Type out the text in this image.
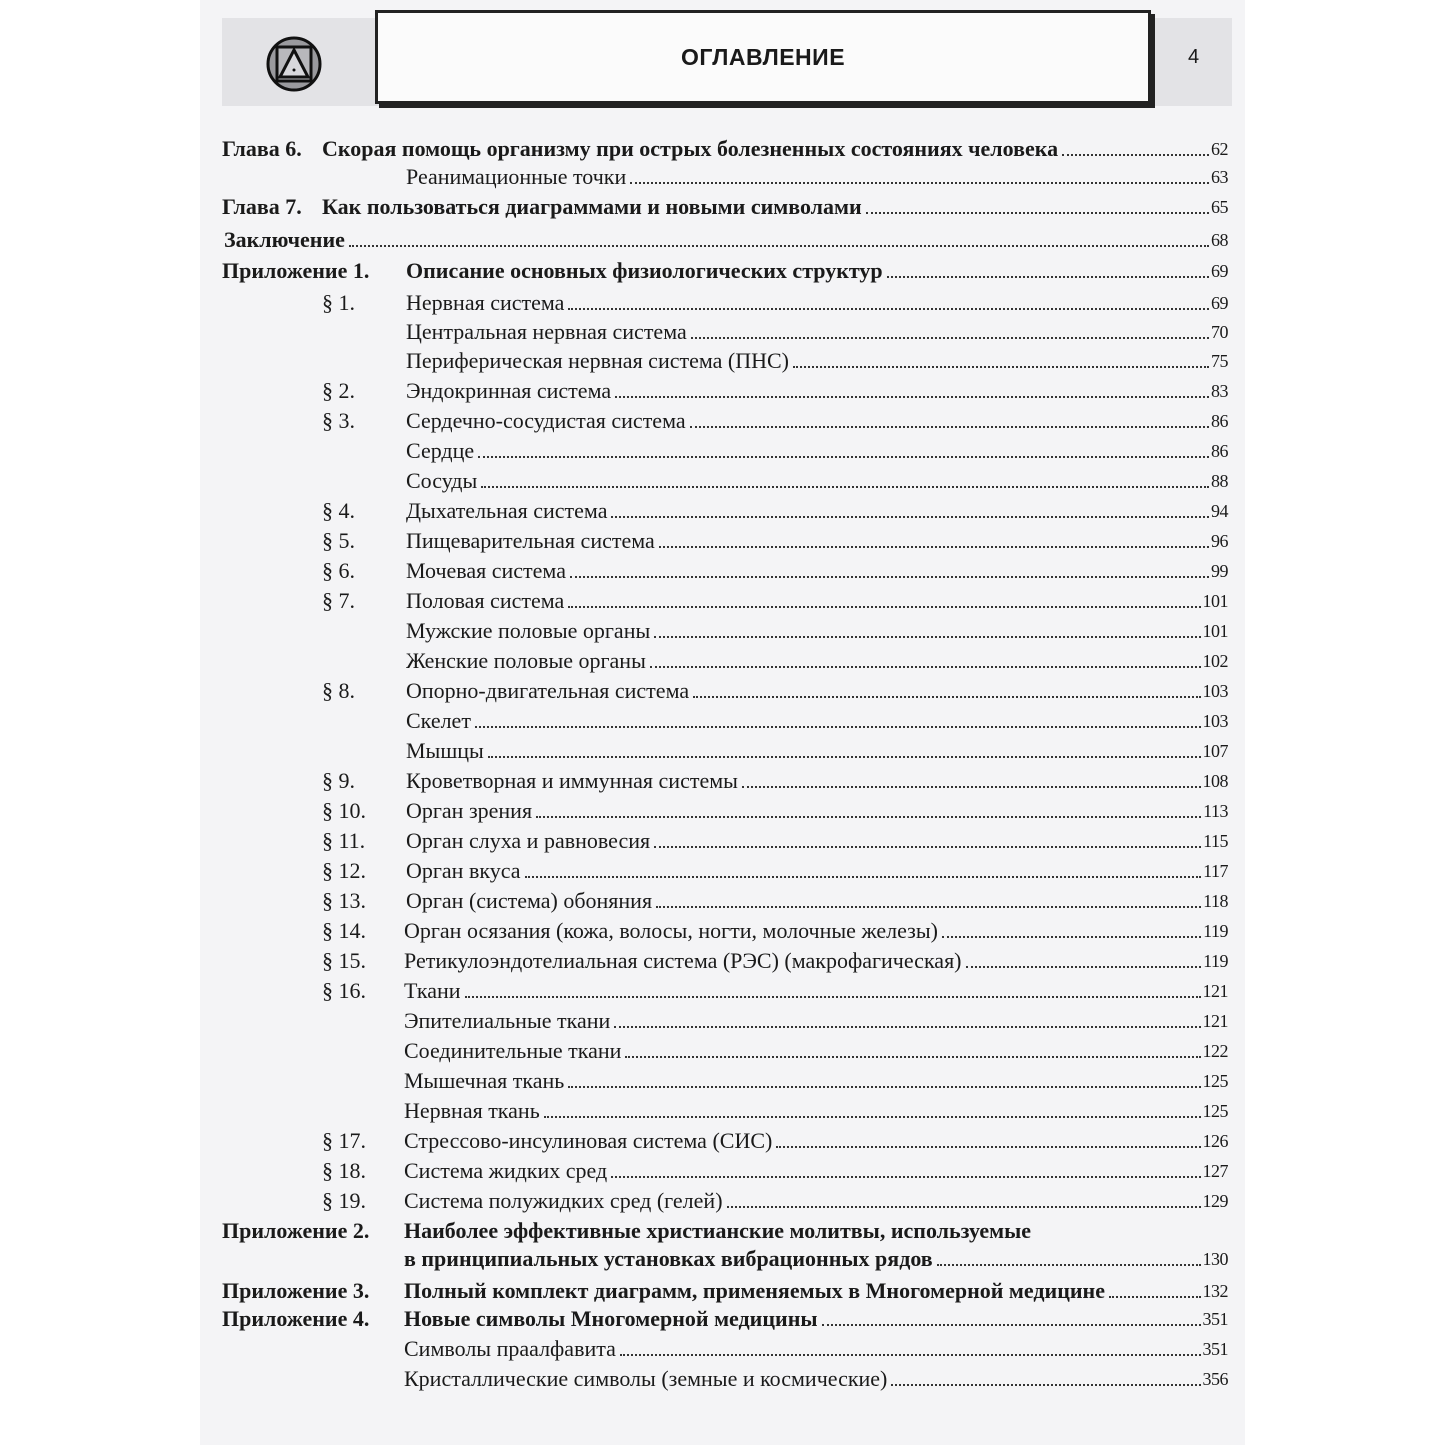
ОГЛАВЛЕНИЕ	4
Глава 6. Скорая помощь организму при острых болезненных состояниях человека	62
Реанимационные точки	63
Глава 7. Как пользоваться диаграммами и новыми символами	65
Заключение	68
Приложение 1. Описание основных физиологических структур	69
§ 1. Нервная система	69
Центральная нервная система	70
Периферическая нервная система (ПНС)	75
§ 2. Эндокринная система	83
§ 3. Сердечно-сосудистая система	86
Сердце	86
Сосуды	88
§ 4. Дыхательная система	94
§ 5. Пищеварительная система	96
§ 6. Мочевая система	99
§ 7. Половая система	101
Мужские половые органы	101
Женские половые органы	102
§ 8. Опорно-двигательная система	103
Скелет	103
Мышцы	107
§ 9. Кроветворная и иммунная системы	108
§ 10. Орган зрения	113
§ 11. Орган слуха и равновесия	115
§ 12. Орган вкуса	117
§ 13. Орган (система) обоняния	118
§ 14. Орган осязания (кожа, волосы, ногти, молочные железы)	119
§ 15. Ретикулоэндотелиальная система (РЭС) (макрофагическая)	119
§ 16. Ткани	121
Эпителиальные ткани	121
Соединительные ткани	122
Мышечная ткань	125
Нервная ткань	125
§ 17. Стрессово-инсулиновая система (СИС)	126
§ 18. Система жидких сред	127
§ 19. Система полужидких сред (гелей)	129
Приложение 2. Наиболее эффективные христианские молитвы, используемые
в принципиальных установках вибрационных рядов	130
Приложение 3. Полный комплект диаграмм, применяемых в Многомерной медицине	132
Приложение 4. Новые символы Многомерной медицины	351
Символы праалфавита	351
Кристаллические символы (земные и космические)	356
